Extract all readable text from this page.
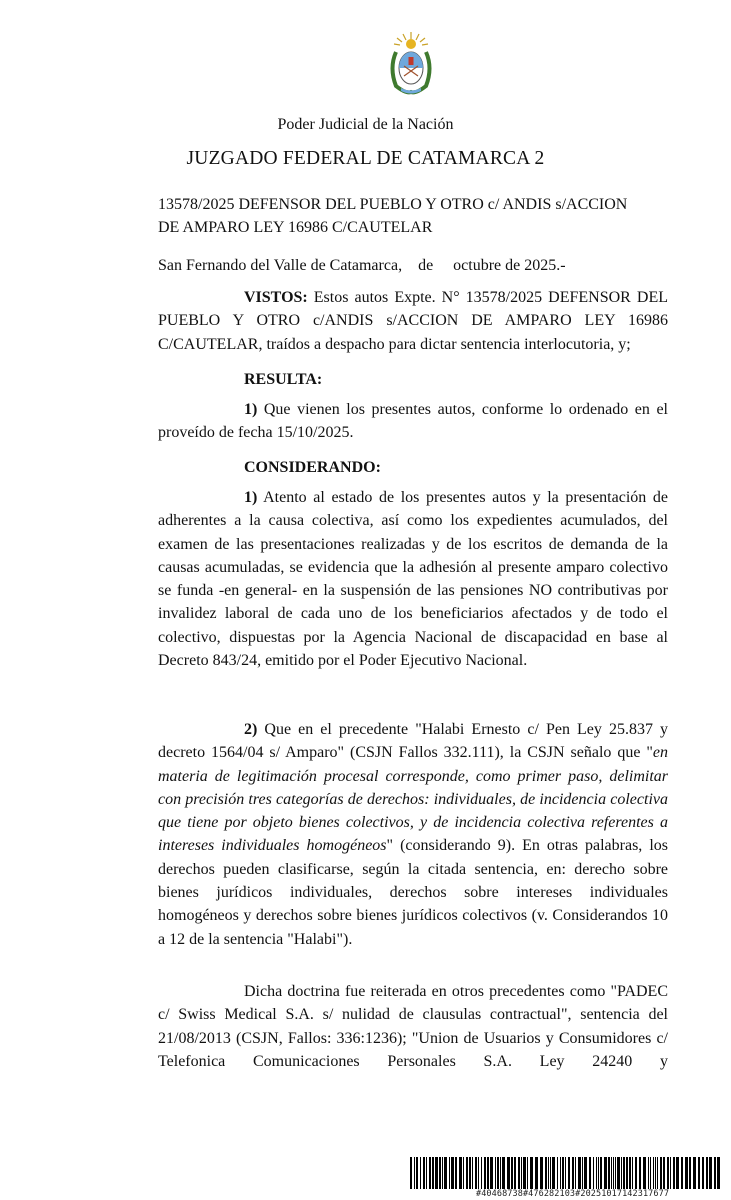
Poder Judicial de la Nación
JUZGADO FEDERAL DE CATAMARCA 2
13578/2025 DEFENSOR DEL PUEBLO Y OTRO c/ ANDIS s/ACCION
DE AMPARO LEY 16986 C/CAUTELAR
San Fernando del Valle de Catamarca,    de     octubre de 2025.-
VISTOS: Estos autos Expte. N° 13578/2025 DEFENSOR DEL PUEBLO Y OTRO c/ANDIS s/ACCION DE AMPARO LEY 16986 C/CAUTELAR, traídos a despacho para dictar sentencia interlocutoria, y;
RESULTA:
1) Que vienen los presentes autos, conforme lo ordenado en el proveído de fecha 15/10/2025.
CONSIDERANDO:
1) Atento al estado de los presentes autos y la presentación de adherentes a la causa colectiva, así como los expedientes acumulados, del examen de las presentaciones realizadas y de los escritos de demanda de la causas acumuladas, se evidencia que la adhesión al presente amparo colectivo se funda -en general- en la suspensión de las pensiones NO contributivas por invalidez laboral de cada uno de los beneficiarios afectados y de todo el colectivo, dispuestas por la Agencia Nacional de discapacidad en base al Decreto 843/24, emitido por el Poder Ejecutivo Nacional.
2) Que en el precedente "Halabi Ernesto c/ Pen Ley 25.837 y decreto 1564/04 s/ Amparo" (CSJN Fallos 332.111), la CSJN señalo que "en materia de legitimación procesal corresponde, como primer paso, delimitar con precisión tres categorías de derechos: individuales, de incidencia colectiva que tiene por objeto bienes colectivos, y de incidencia colectiva referentes a intereses individuales homogéneos" (considerando 9). En otras palabras, los derechos pueden clasificarse, según la citada sentencia, en: derecho sobre bienes jurídicos individuales, derechos sobre intereses individuales homogéneos y derechos sobre bienes jurídicos colectivos (v. Considerandos 10 a 12 de la sentencia "Halabi").
Dicha doctrina fue reiterada en otros precedentes como "PADEC c/ Swiss Medical S.A. s/ nulidad de clausulas contractual", sentencia del 21/08/2013 (CSJN, Fallos: 336:1236); "Union de Usuarios y Consumidores c/ Telefonica Comunicaciones Personales S.A. Ley 24240 y
#40468738#476282103#20251017142317677
